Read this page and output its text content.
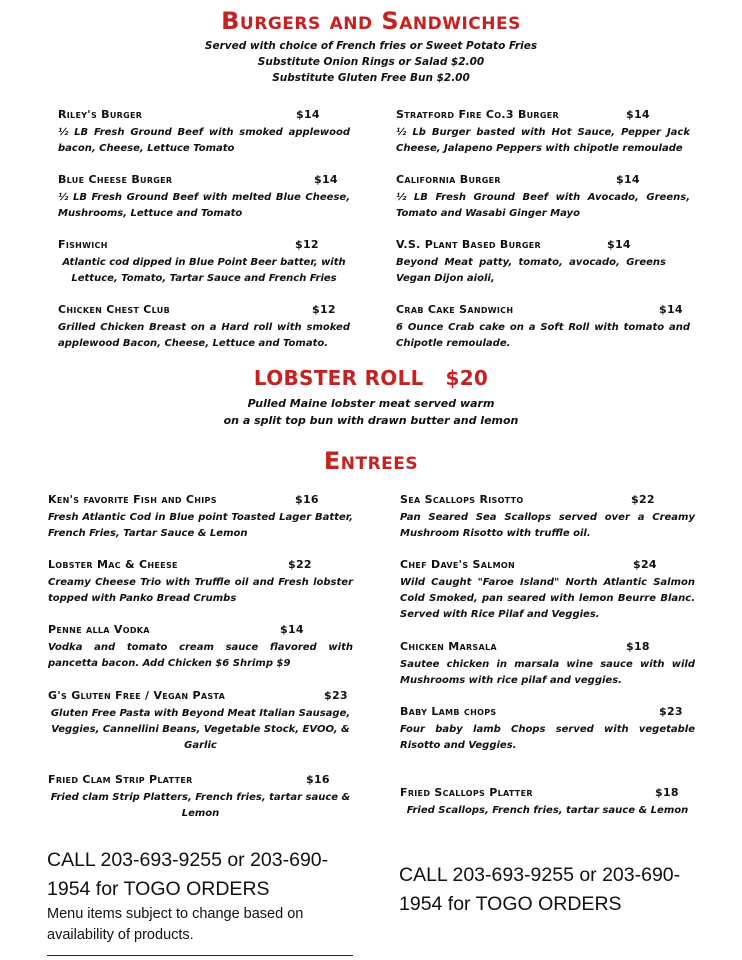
Burgers and Sandwiches
Served with choice of French fries or Sweet Potato Fries
Substitute Onion Rings or Salad $2.00
Substitute Gluten Free Bun $2.00
Riley's Burger	$14
½ LB Fresh Ground Beef with smoked applewood bacon, Cheese, Lettuce Tomato
Stratford Fire Co.3 Burger	$14
½ Lb Burger basted with Hot Sauce, Pepper Jack Cheese, Jalapeno Peppers with chipotle remoulade
Blue Cheese Burger	$14
½ LB Fresh Ground Beef with melted Blue Cheese, Mushrooms, Lettuce and Tomato
California Burger	$14
½ LB Fresh Ground Beef with Avocado, Greens, Tomato and Wasabi Ginger Mayo
Fishwich	$12
Atlantic cod dipped in Blue Point Beer batter, with Lettuce, Tomato, Tartar Sauce and French Fries
V.S. Plant Based Burger	$14
Beyond Meat patty, tomato, avocado, Greens Vegan Dijon aioli,
Chicken Chest Club	$12
Grilled Chicken Breast on a Hard roll with smoked applewood Bacon, Cheese, Lettuce and Tomato.
Crab Cake Sandwich	$14
6 Ounce Crab cake on a Soft Roll with tomato and Chipotle remoulade.
LOBSTER ROLL   $20
Pulled Maine lobster meat served warm
on a split top bun with drawn butter and lemon
Entrees
Ken's favorite Fish and Chips	$16
Fresh Atlantic Cod in Blue point Toasted Lager Batter, French Fries, Tartar Sauce & Lemon
Lobster Mac & Cheese	$22
Creamy Cheese Trio with Truffle oil and Fresh lobster topped with Panko Bread Crumbs
Penne alla Vodka	$14
Vodka and tomato cream sauce flavored with pancetta bacon. Add Chicken $6 Shrimp $9
G's Gluten Free / Vegan Pasta	$23
Gluten Free Pasta with Beyond Meat Italian Sausage, Veggies, Cannellini Beans, Vegetable Stock, EVOO, & Garlic
Fried Clam Strip Platter	$16
Fried clam Strip Platters, French fries, tartar sauce & Lemon
Sea Scallops Risotto	$22
Pan Seared Sea Scallops served over a Creamy Mushroom Risotto with truffle oil.
Chef Dave's Salmon	$24
Wild Caught "Faroe Island" North Atlantic Salmon Cold Smoked, pan seared with lemon Beurre Blanc. Served with Rice Pilaf and Veggies.
Chicken Marsala	$18
Sautee chicken in marsala wine sauce with wild Mushrooms with rice pilaf and veggies.
Baby Lamb chops	$23
Four baby lamb Chops served with vegetable Risotto and Veggies.
Fried Scallops Platter	$18
Fried Scallops, French fries, tartar sauce & Lemon
CALL 203-693-9255 or 203-690-1954 for TOGO ORDERS
Menu items subject to change based on availability of products.
CALL 203-693-9255 or 203-690-1954 for TOGO ORDERS
